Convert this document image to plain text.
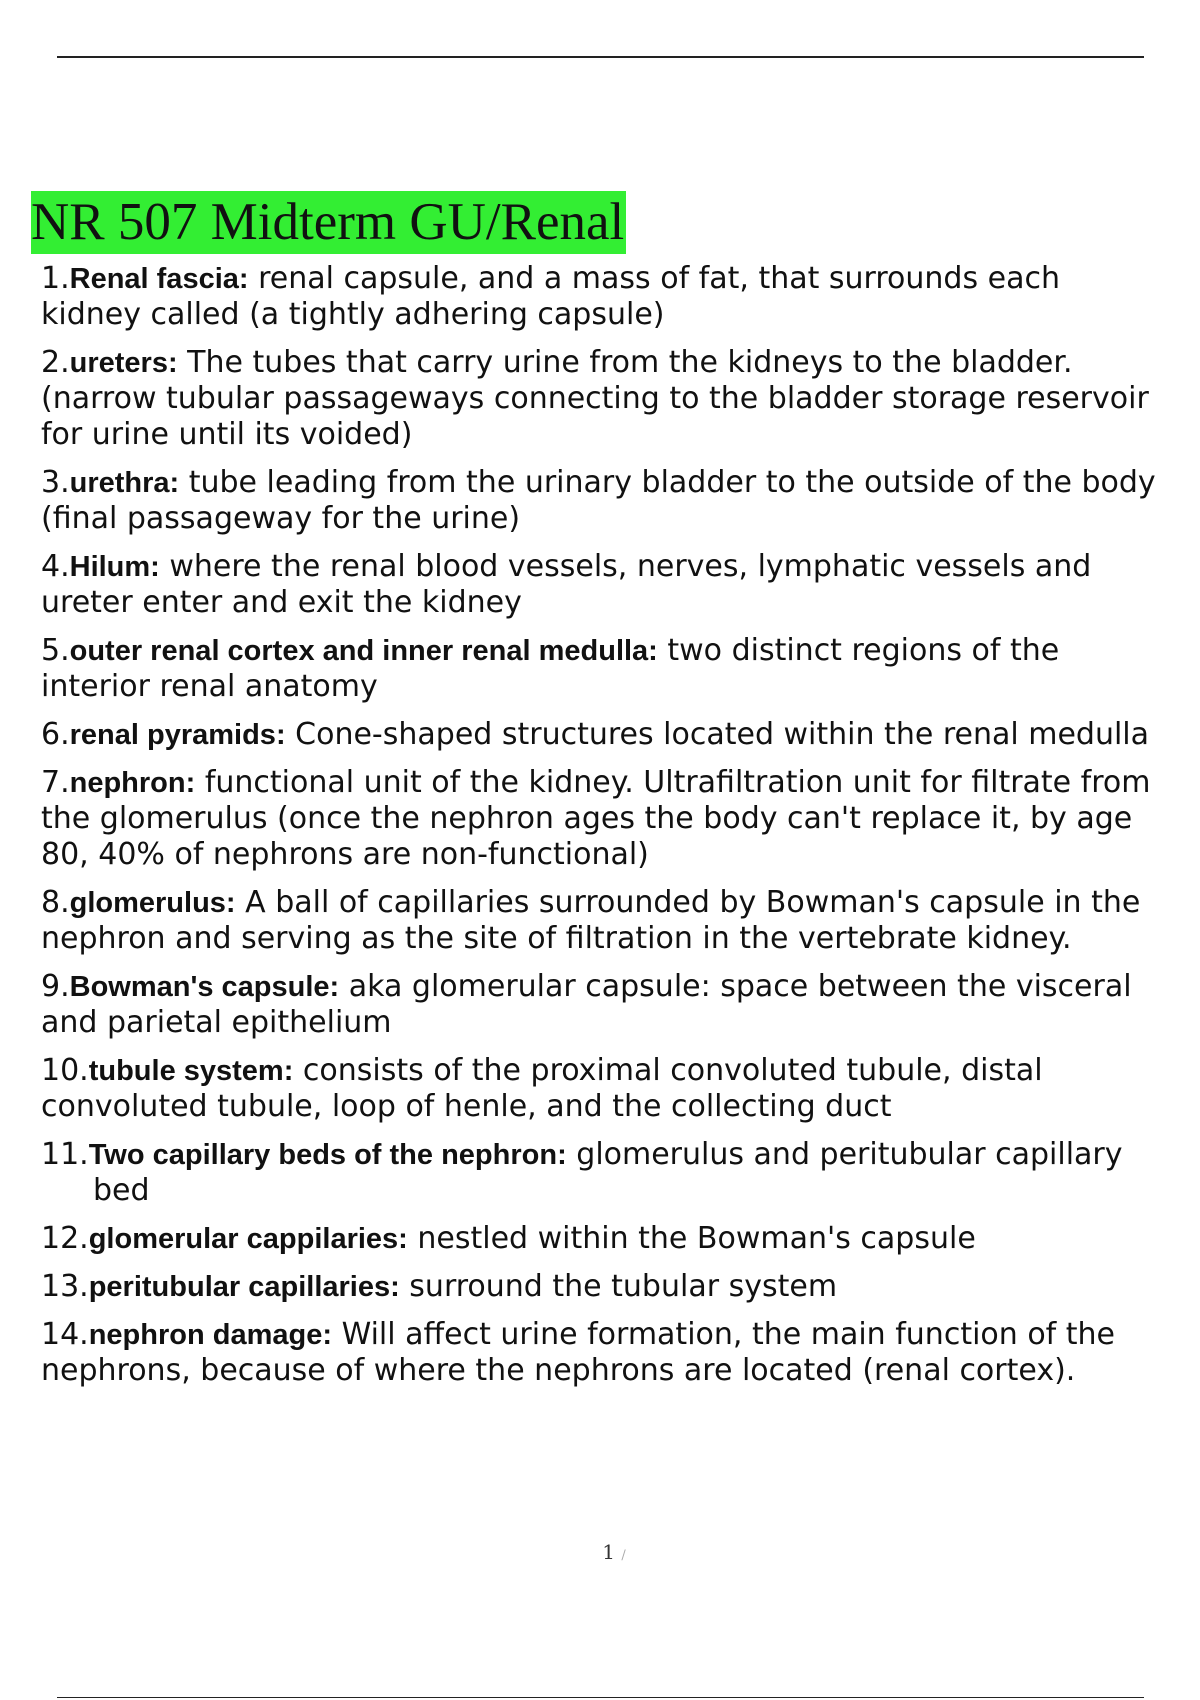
NR 507 Midterm GU/Renal
1.Renal fascia: renal capsule, and a mass of fat, that surrounds each kidney called (a tightly adhering capsule)
2.ureters: The tubes that carry urine from the kidneys to the bladder. (narrow tubular passageways connecting to the bladder storage reservoir for urine until its voided)
3.urethra: tube leading from the urinary bladder to the outside of the body (final passageway for the urine)
4.Hilum: where the renal blood vessels, nerves, lymphatic vessels and ureter enter and exit the kidney
5.outer renal cortex and inner renal medulla: two distinct regions of the interior renal anatomy
6.renal pyramids: Cone-shaped structures located within the renal medulla
7.nephron: functional unit of the kidney. Ultrafiltration unit for filtrate from the glomerulus (once the nephron ages the body can't replace it, by age 80, 40% of nephrons are non-functional)
8.glomerulus: A ball of capillaries surrounded by Bowman's capsule in the nephron and serving as the site of filtration in the vertebrate kidney.
9.Bowman's capsule: aka glomerular capsule: space between the visceral and parietal epithelium
10.tubule system: consists of the proximal convoluted tubule, distal convoluted tubule, loop of henle, and the collecting duct
11.Two capillary beds of the nephron: glomerulus and peritubular capillary bed
12.glomerular cappilaries: nestled within the Bowman's capsule
13.peritubular capillaries: surround the tubular system
14.nephron damage: Will affect urine formation, the main function of the nephrons, because of where the nephrons are located (renal cortex).
1 /
